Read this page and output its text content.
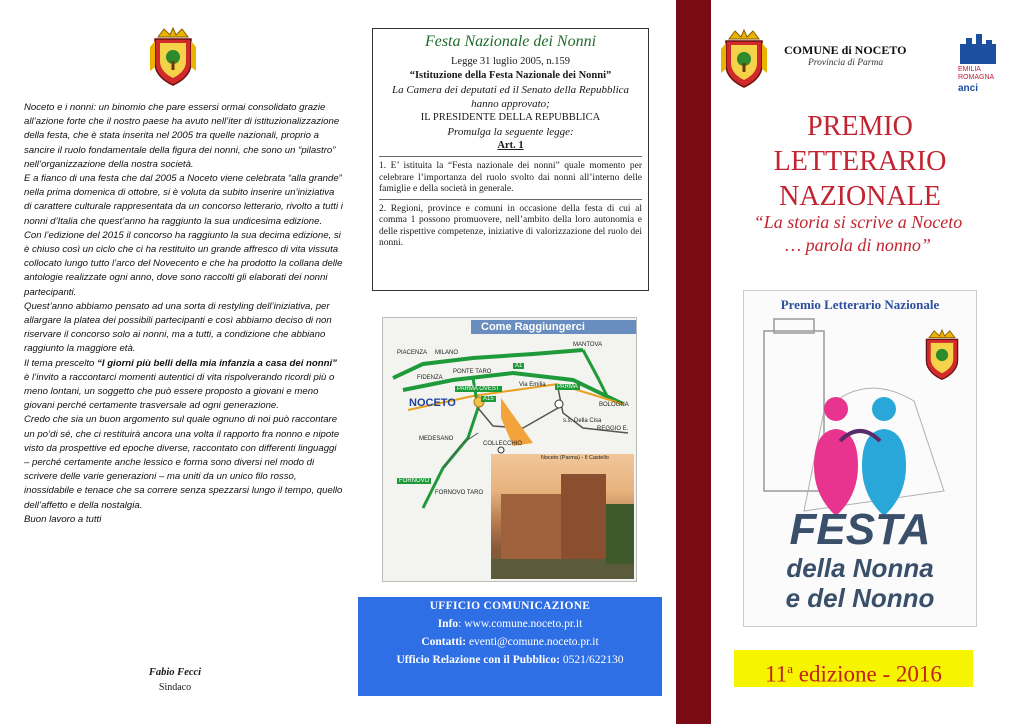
Noceto e i nonni: un binomio che pare essersi ormai consolidato grazie all’azione forte che il nostro paese ha avuto nell’iter di istituzionalizzazione della festa, che è stata inserita nel 2005 tra quelle nazionali, proprio a sancire il ruolo fondamentale della figura dei nonni, che sono un “pilastro” nell’organizzazione della nostra società.

E a fianco di una festa che dal 2005 a Noceto viene celebrata “alla grande” nella prima domenica di ottobre, si è voluta da subito inserire un’iniziativa di carattere culturale rappresentata da un concorso letterario, rivolto a tutti i nonni d’Italia che quest’anno ha raggiunto la sua undicesima edizione.

Con l’edizione del 2015 il concorso ha raggiunto la sua decima edizione, si è chiuso così un ciclo che ci ha restituito un grande affresco di vita vissuta collocato lungo tutto l’arco del Novecento e che ha prodotto la collana delle antologie realizzate ogni anno, dove sono raccolti gli elaborati dei nonni partecipanti.

Quest’anno abbiamo pensato ad una sorta di restyling dell’iniziativa, per allargare la platea dei possibili partecipanti e così abbiamo deciso di non riservare il concorso solo ai nonni, ma a tutti, a condizione che abbiano raggiunto la maggiore età.

Il tema prescelto “I giorni più belli della mia infanzia a casa dei nonni” è l’invito a raccontarci momenti autentici di vita rispolverando ricordi più o meno lontani, un soggetto che può essere proposto a giovani e meno giovani perché certamente trasversale ad ogni generazione.

Credo che sia un buon argomento sul quale ognuno di noi può raccontare un po’di sé, che ci restituirà ancora una volta il rapporto fra nonno e nipote visto da prospettive ed epoche diverse, raccontato con differenti linguaggi – perché certamente anche lessico e forma sono diversi nel modo di scrivere delle varie generazioni – ma uniti da un unico filo rosso, inossidabile e tenace che sa correre senza spezzarsi lungo il tempo, quello dell’affetto e della nostalgia.

Buon lavoro a tutti

Fabio Fecci
Sindaco

Festa Nazionale dei Nonni

Legge 31 luglio 2005, n.159

“Istituzione della Festa Nazionale dei Nonni”

La Camera dei deputati ed il Senato della Repubblica hanno approvato;

IL PRESIDENTE DELLA REPUBBLICA

Promulga la seguente legge:

Art. 1

1. E’ istituita la “Festa nazionale dei nonni” quale momento per celebrare l’importanza del ruolo svolto dai nonni all’interno delle famiglie e della società in generale.

2. Regioni, province e comuni in occasione della festa di cui al comma 1 possono promuovere, nell’ambito della loro autonomia e delle rispettive competenze, iniziative di valorizzazione del ruolo dei nonni.

Come Raggiungerci
PIACENZA MILANO
MANTOVA
FIDENZA
PONTE TARO
A1
Via Emilia
PARMA OVEST	PARMA
BOLOGNA
A15
s.s. Della Cisa
REGGIO E.
MEDESANO
COLLECCHIO
FORNOVO
FORNOVO TARO
NOCETO
Noceto (Parma) - Il Castello
UFFICIO COMUNICAZIONE
Info: www.comune.noceto.pr.it
Contatti: eventi@comune.noceto.pr.it
Ufficio Relazione con il Pubblico: 0521/622130
COMUNE di NOCETO
Provincia di Parma
EMILIA
ROMAGNA
anci
PREMIO
LETTERARIO
NAZIONALE
“La storia si scrive a Noceto
… parola di nonno”
Premio Letterario Nazionale
FESTA
della Nonna
e del Nonno
11$^a$ edizione - 2016
